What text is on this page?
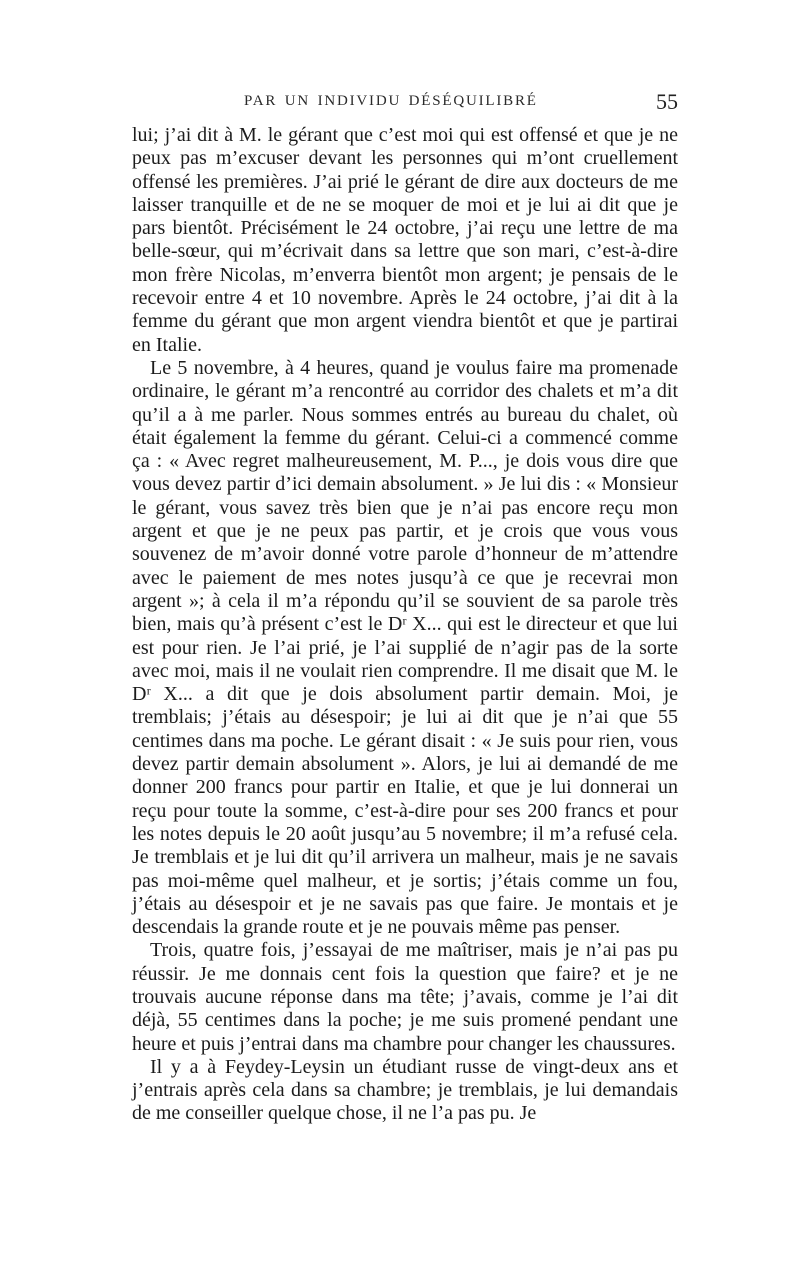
PAR UN INDIVIDU DÉSÉQUILIBRÉ	55

lui; j’ai dit à M. le gérant que c’est moi qui est offensé et que je ne peux pas m’excuser devant les personnes qui m’ont cruellement offensé les premières. J’ai prié le gérant de dire aux docteurs de me laisser tranquille et de ne se moquer de moi et je lui ai dit que je pars bientôt. Précisément le 24 octobre, j’ai reçu une lettre de ma belle-sœur, qui m’écrivait dans sa lettre que son mari, c’est-à-dire mon frère Nicolas, m’enverra bientôt mon argent; je pensais de le recevoir entre 4 et 10 novembre. Après le 24 octobre, j’ai dit à la femme du gérant que mon argent viendra bientôt et que je partirai en Italie.

Le 5 novembre, à 4 heures, quand je voulus faire ma promenade ordinaire, le gérant m’a rencontré au corridor des chalets et m’a dit qu’il a à me parler. Nous sommes entrés au bureau du chalet, où était également la femme du gérant. Celui-ci a commencé comme ça : « Avec regret malheureusement, M. P..., je dois vous dire que vous devez partir d’ici demain absolument. » Je lui dis : « Monsieur le gérant, vous savez très bien que je n’ai pas encore reçu mon argent et que je ne peux pas partir, et je crois que vous vous souvenez de m’avoir donné votre parole d’honneur de m’attendre avec le paiement de mes notes jusqu’à ce que je recevrai mon argent »; à cela il m’a répondu qu’il se souvient de sa parole très bien, mais qu’à présent c’est le Dʳ X... qui est le directeur et que lui est pour rien. Je l’ai prié, je l’ai supplié de n’agir pas de la sorte avec moi, mais il ne voulait rien comprendre. Il me disait que M. le Dʳ X... a dit que je dois absolument partir demain. Moi, je tremblais; j’étais au désespoir; je lui ai dit que je n’ai que 55 centimes dans ma poche. Le gérant disait : « Je suis pour rien, vous devez partir demain absolument ». Alors, je lui ai demandé de me donner 200 francs pour partir en Italie, et que je lui donnerai un reçu pour toute la somme, c’est-à-dire pour ses 200 francs et pour les notes depuis le 20 août jusqu’au 5 novembre; il m’a refusé cela. Je tremblais et je lui dit qu’il arrivera un malheur, mais je ne savais pas moi-même quel malheur, et je sortis; j’étais comme un fou, j’étais au désespoir et je ne savais pas que faire. Je montais et je descendais la grande route et je ne pouvais même pas penser.

Trois, quatre fois, j’essayai de me maîtriser, mais je n’ai pas pu réussir. Je me donnais cent fois la question que faire? et je ne trouvais aucune réponse dans ma tête; j’avais, comme je l’ai dit déjà, 55 centimes dans la poche; je me suis promené pendant une heure et puis j’entrai dans ma chambre pour changer les chaussures.

Il y a à Feydey-Leysin un étudiant russe de vingt-deux ans et j’entrais après cela dans sa chambre; je tremblais, je lui demandais de me conseiller quelque chose, il ne l’a pas pu. Je
